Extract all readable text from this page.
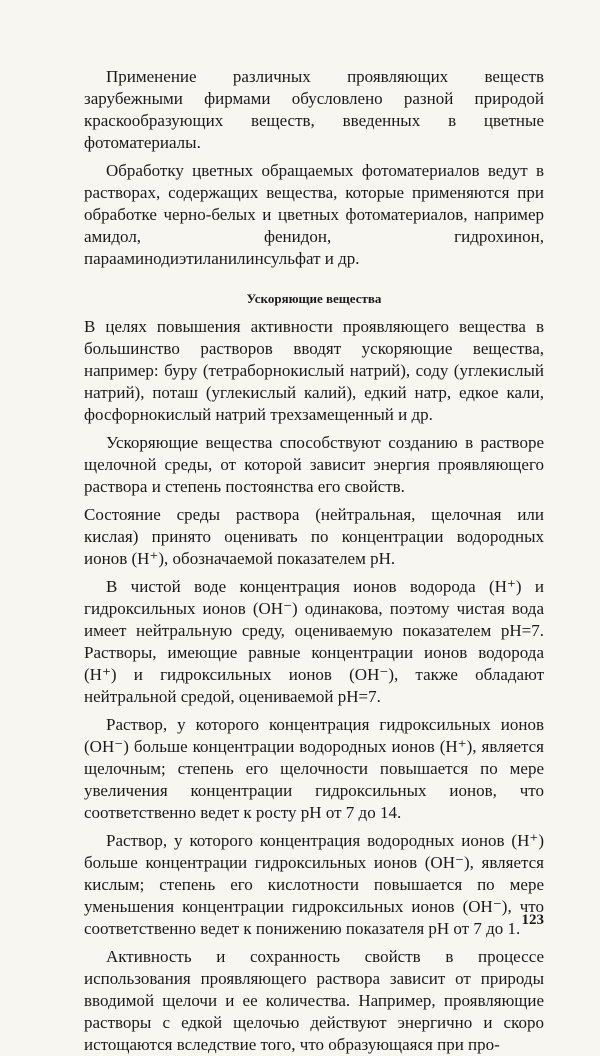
Применение различных проявляющих веществ зарубежными фирмами обусловлено разной природой краскообразующих веществ, введенных в цветные фотоматериалы.

Обработку цветных обращаемых фотоматериалов ведут в растворах, содержащих вещества, которые применяются при обработке черно-белых и цветных фотоматериалов, например амидол, фенидон, гидрохинон, парааминодиэтиланилинсульфат и др.

Ускоряющие вещества

В целях повышения активности проявляющего вещества в большинство растворов вводят ускоряющие вещества, например: буру (тетраборнокислый натрий), соду (углекислый натрий), поташ (углекислый калий), едкий натр, едкое кали, фосфорнокислый натрий трехзамещенный и др.

Ускоряющие вещества способствуют созданию в растворе щелочной среды, от которой зависит энергия проявляющего раствора и степень постоянства его свойств.

Состояние среды раствора (нейтральная, щелочная или кислая) принято оценивать по концентрации водородных ионов (H⁺), обозначаемой показателем pH.

В чистой воде концентрация ионов водорода (H⁺) и гидроксильных ионов (OH⁻) одинакова, поэтому чистая вода имеет нейтральную среду, оцениваемую показателем pH=7. Растворы, имеющие равные концентрации ионов водорода (H⁺) и гидроксильных ионов (OH⁻), также обладают нейтральной средой, оцениваемой pH=7.

Раствор, у которого концентрация гидроксильных ионов (OH⁻) больше концентрации водородных ионов (H⁺), является щелочным; степень его щелочности повышается по мере увеличения концентрации гидроксильных ионов, что соответственно ведет к росту pH от 7 до 14.

Раствор, у которого концентрация водородных ионов (H⁺) больше концентрации гидроксильных ионов (OH⁻), является кислым; степень его кислотности повышается по мере уменьшения концентрации гидроксильных ионов (OH⁻), что соответственно ведет к понижению показателя pH от 7 до 1.

Активность и сохранность свойств в процессе использования проявляющего раствора зависит от природы вводимой щелочи и ее количества. Например, проявляющие растворы с едкой щелочью действуют энергично и скоро истощаются вследствие того, что образующаяся при про-

123
